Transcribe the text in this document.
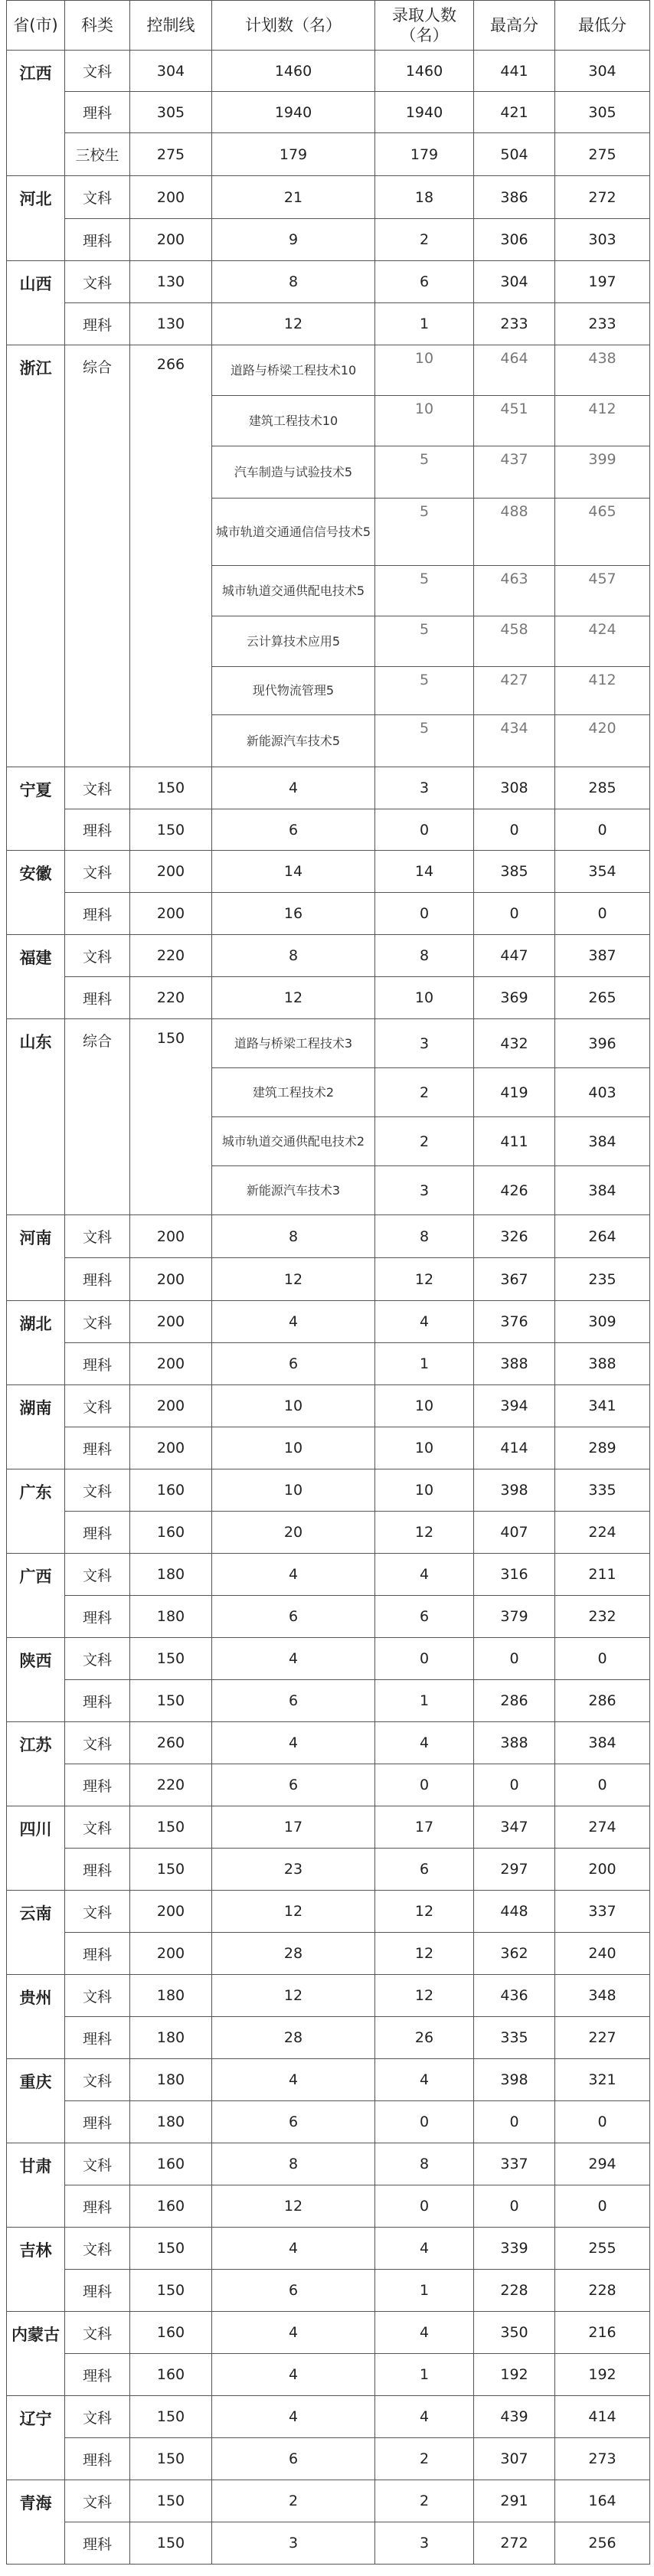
省(市)	科类	控制线	计划数（名）	录取人数（名）	最高分	最低分
江西	文科	304	1460	1460	441	304
	理科	305	1940	1940	421	305
	三校生	275	179	179	504	275
河北	文科	200	21	18	386	272
	理科	200	9	2	306	303
山西	文科	130	8	6	304	197
	理科	130	12	1	233	233
浙江	综合	266	道路与桥梁工程技术10	10	464	438
			建筑工程技术10	10	451	412
			汽车制造与试验技术5	5	437	399
			城市轨道交通通信信号技术5	5	488	465
			城市轨道交通供配电技术5	5	463	457
			云计算技术应用5	5	458	424
			现代物流管理5	5	427	412
			新能源汽车技术5	5	434	420
宁夏	文科	150	4	3	308	285
	理科	150	6	0	0	0
安徽	文科	200	14	14	385	354
	理科	200	16	0	0	0
福建	文科	220	8	8	447	387
	理科	220	12	10	369	265
山东	综合	150	道路与桥梁工程技术3	3	432	396
			建筑工程技术2	2	419	403
			城市轨道交通供配电技术2	2	411	384
			新能源汽车技术3	3	426	384
河南	文科	200	8	8	326	264
	理科	200	12	12	367	235
湖北	文科	200	4	4	376	309
	理科	200	6	1	388	388
湖南	文科	200	10	10	394	341
	理科	200	10	10	414	289
广东	文科	160	10	10	398	335
	理科	160	20	12	407	224
广西	文科	180	4	4	316	211
	理科	180	6	6	379	232
陕西	文科	150	4	0	0	0
	理科	150	6	1	286	286
江苏	文科	260	4	4	388	384
	理科	220	6	0	0	0
四川	文科	150	17	17	347	274
	理科	150	23	6	297	200
云南	文科	200	12	12	448	337
	理科	200	28	12	362	240
贵州	文科	180	12	12	436	348
	理科	180	28	26	335	227
重庆	文科	180	4	4	398	321
	理科	180	6	0	0	0
甘肃	文科	160	8	8	337	294
	理科	160	12	0	0	0
吉林	文科	150	4	4	339	255
	理科	150	6	1	228	228
内蒙古	文科	160	4	4	350	216
	理科	160	4	1	192	192
辽宁	文科	150	4	4	439	414
	理科	150	6	2	307	273
青海	文科	150	2	2	291	164
	理科	150	3	3	272	256
